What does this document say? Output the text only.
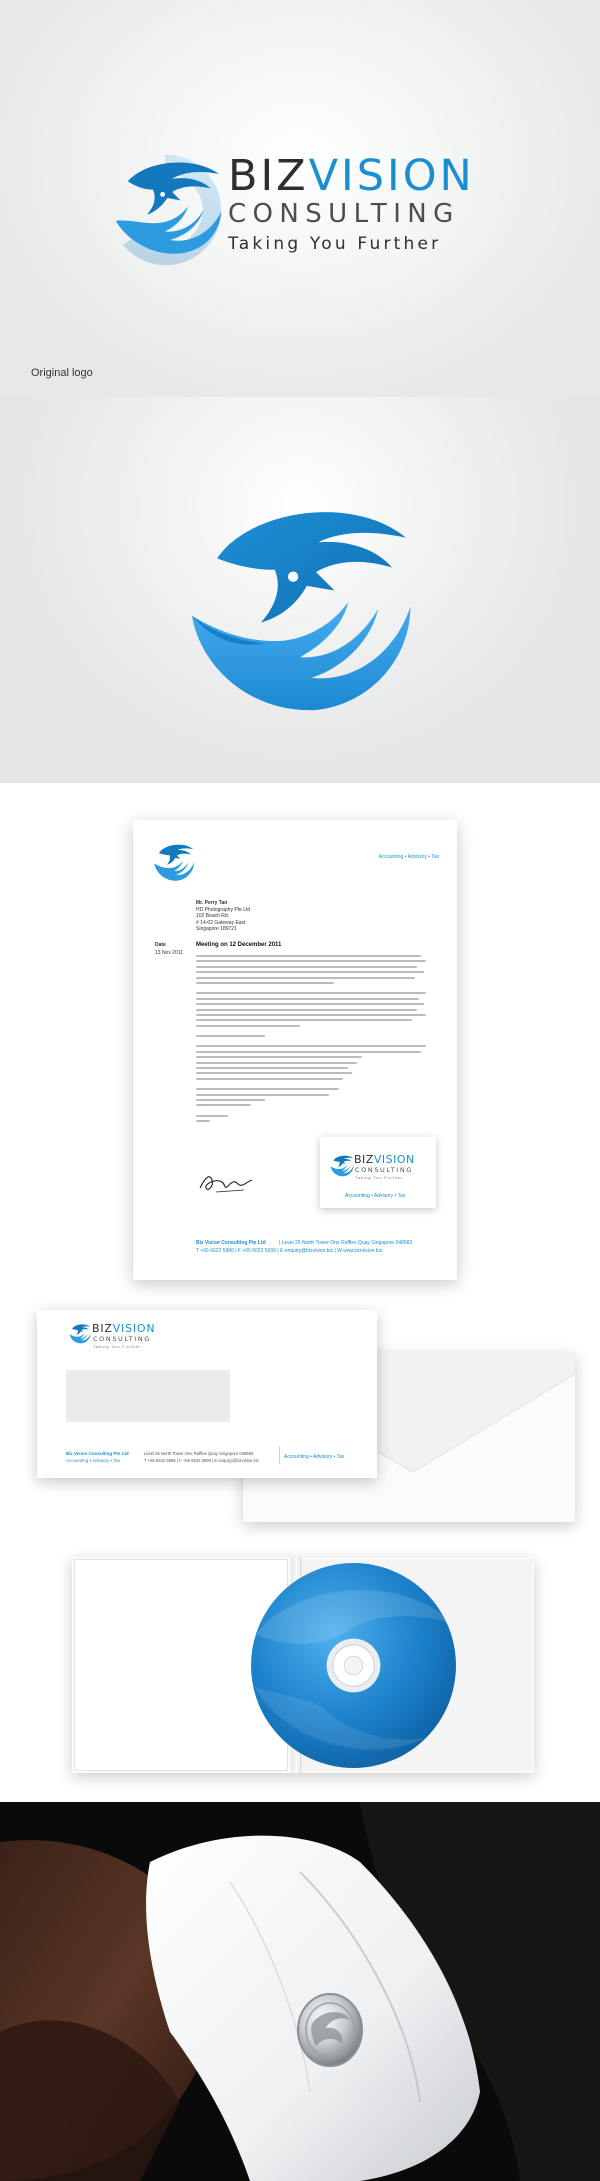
BIZVISION
CONSULTING
Taking You Further
Original logo
Accounting • Advisory • Tax
Mr. Perry Tan
HD Photography Pte Ltd
102 Beach Rd.
# 14-02 Gateway East
Singapore 189721
Date
13 Nov 2011
Meeting on 12 December 2011
Biz Vision Consulting Pte Ltd	| Level 25 North Tower One Raffles Quay Singapore 048583
T +65 6622 5986 | F +65 6622 5999 | E enquiry@bizvision.biz | W www.bizvision.biz
BIZVISION
CONSULTING
Taking You Further
Accounting • Advisory • Tax
BIZVISION
CONSULTING
Taking You Further
Biz Vision Consulting Pte Ltd
Accounting • Advisory • Tax
Level 25 North Tower One Raffles Quay Singapore 048583
T +65 6622 5986 | F +65 6622 5999 | E enquiry@bizvision.biz
Accounting • Advisory • Tax
